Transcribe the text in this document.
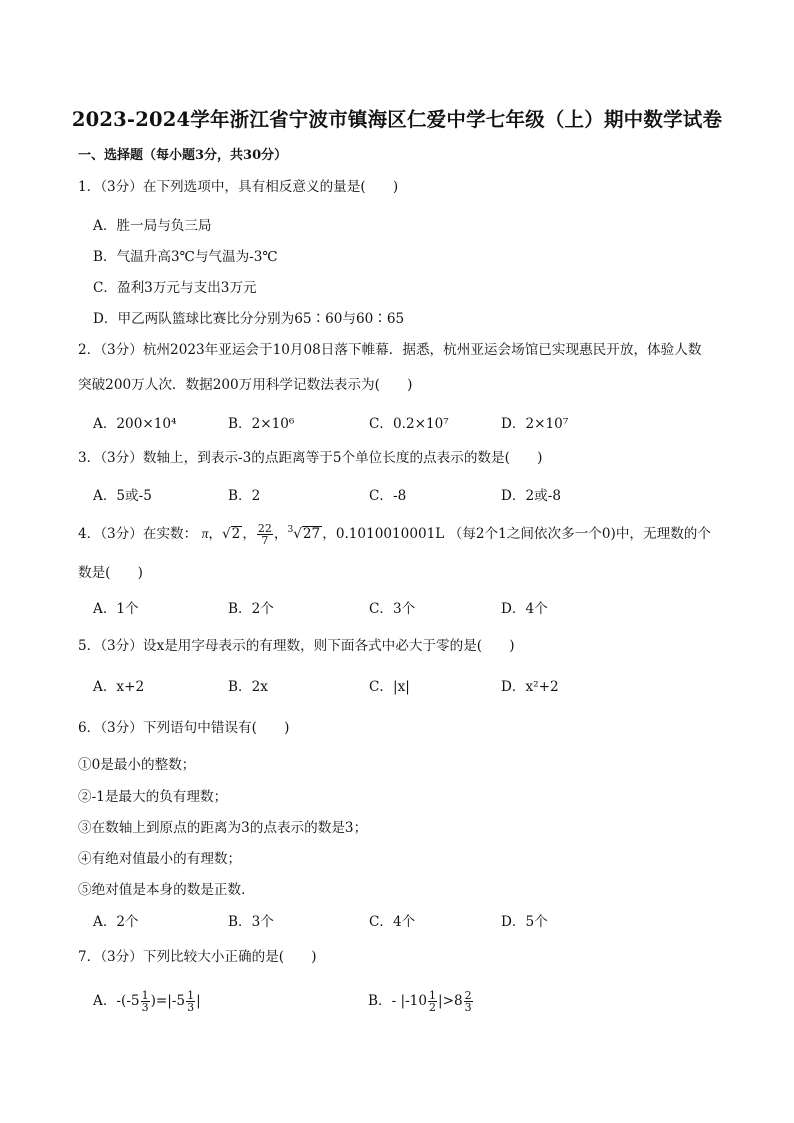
2023-2024学年浙江省宁波市镇海区仁爱中学七年级（上）期中数学试卷
一、选择题（每小题3分，共30分）
1．（3分）在下列选项中，具有相反意义的量是(　　)
A．胜一局与负三局
B．气温升高3℃与气温为-3℃
C．盈利3万元与支出3万元
D．甲乙两队篮球比赛比分分别为65∶60与60∶65
2．（3分）杭州2023年亚运会于10月08日落下帷幕．据悉，杭州亚运会场馆已实现惠民开放，体验人数
突破200万人次．数据200万用科学记数法表示为(　　)
A．200×10⁴	B．2×10⁶	C．0.2×10⁷	D．2×10⁷
3．（3分）数轴上，到表示-3的点距离等于5个单位长度的点表示的数是(　　)
A．5或-5	B．2	C．-8	D．2或-8
4．（3分）在实数： π，√2 ， $\frac{22}{7}$ ，$^3$√27 ，0.1010010001L （每2个1之间依次多一个0)中，无理数的个
数是(　　)
A．1个	B．2个	C．3个	D．4个
5．（3分）设x是用字母表示的有理数，则下面各式中必大于零的是(　　)
A．x+2	B．2x	C．|x|	D．x²+2
6．（3分）下列语句中错误有(　　)
①0是最小的整数；
②-1是最大的负有理数；
③在数轴上到原点的距离为3的点表示的数是3；
④有绝对值最小的有理数；
⑤绝对值是本身的数是正数．
A．2个	B．3个	C．4个	D．5个
7．（3分）下列比较大小正确的是(　　)
A．$-(-5 \frac{1}{3} )=|-5 \frac{1}{3}$ |	B．- $|-10 \frac{1}{2} |>8 \frac{2}{3}$
